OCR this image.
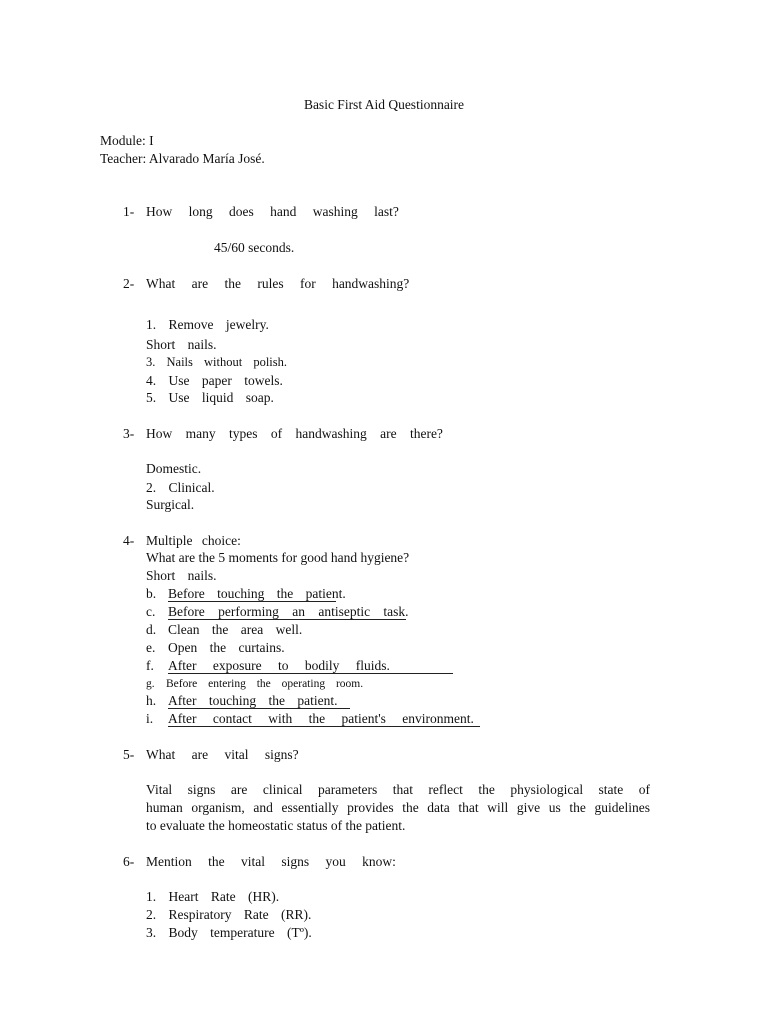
Basic First Aid Questionnaire
Module: I
Teacher: Alvarado María José.
1- How long does hand washing last?
45/60 seconds.
2- What are the rules for handwashing?
1. Remove jewelry.
Short nails.
3. Nails without polish.
4. Use paper towels.
5. Use liquid soap.
3- How many types of handwashing are there?
Domestic.
2. Clinical.
Surgical.
4- Multiple choice:
What are the 5 moments for good hand hygiene?
Short nails.
b. Before touching the patient.
c. Before performing an antiseptic task.
d. Clean the area well.
e. Open the curtains.
f. After exposure to bodily fluids.
g. Before entering the operating room.
h. After touching the patient.
i. After contact with the patient's environment.
5- What are vital signs?
Vital signs are clinical parameters that reflect the physiological state of
human organism, and essentially provides the data that will give us the guidelines
to evaluate the homeostatic status of the patient.
6- Mention the vital signs you know:
1. Heart Rate (HR).
2. Respiratory Rate (RR).
3. Body temperature (Tº).
